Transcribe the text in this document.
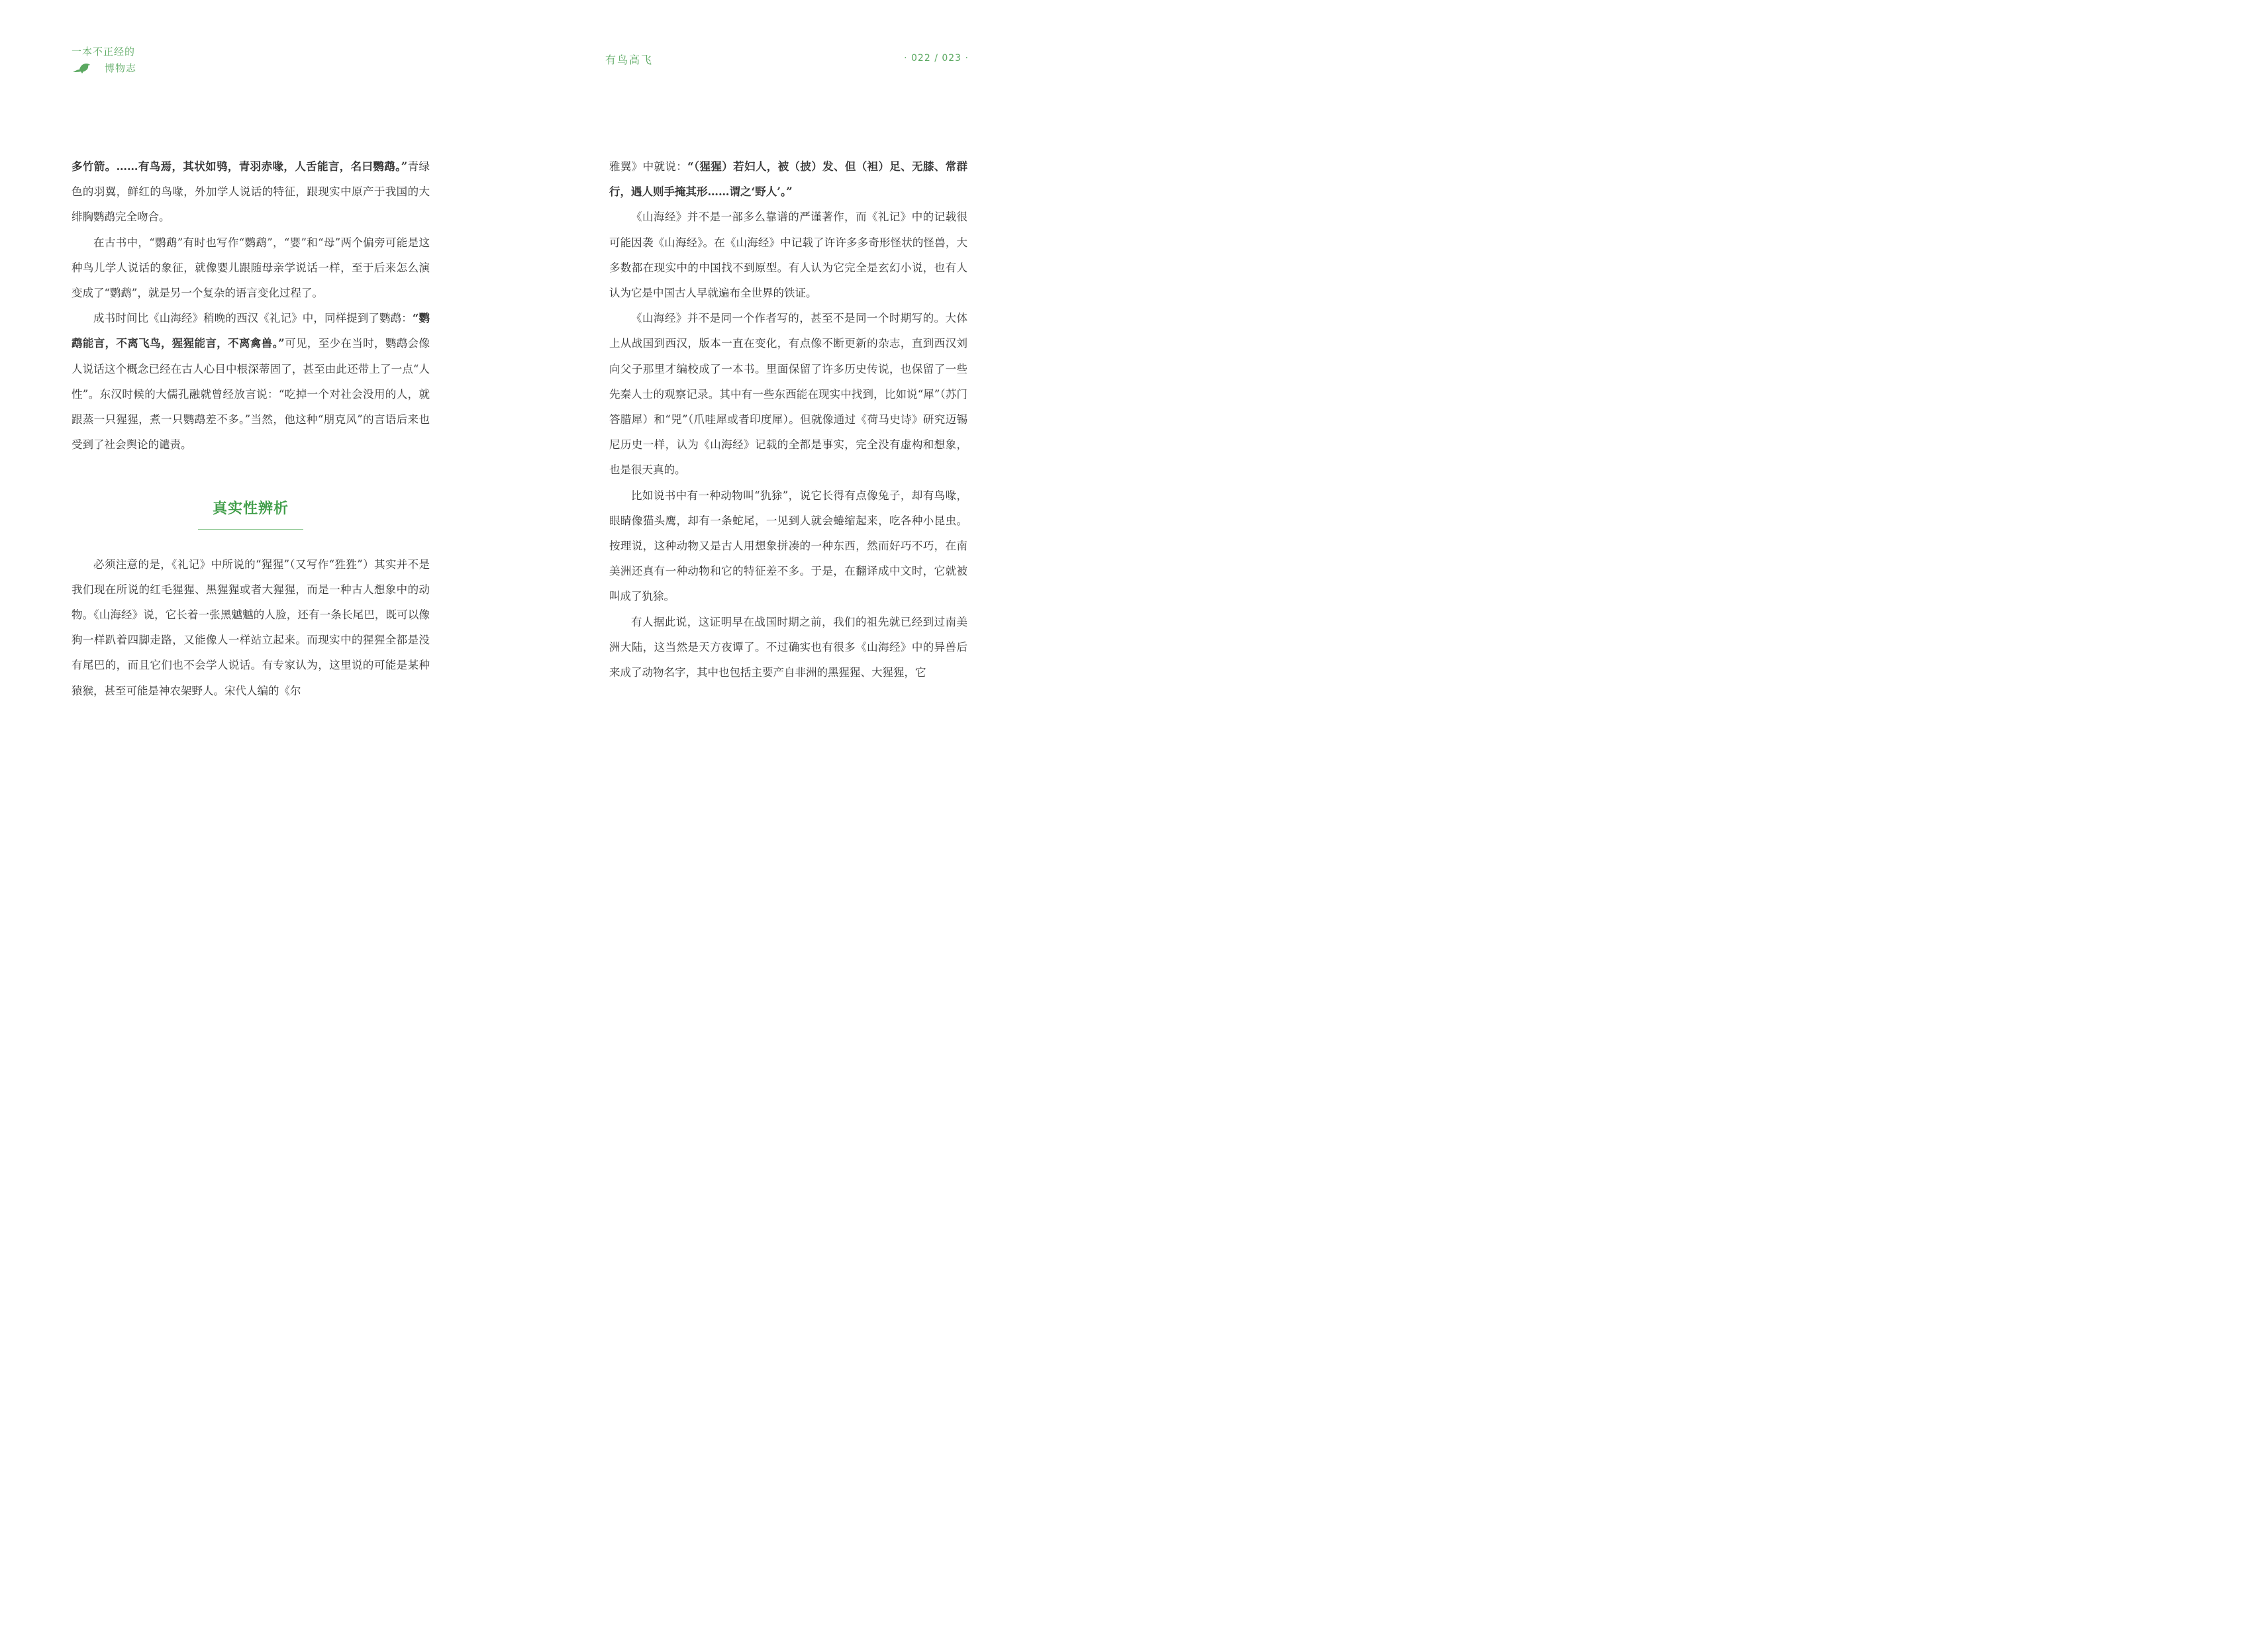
一本不正经的
博物志
有鸟高飞	· 022 / 023 ·

多竹箭。……有鸟焉，其状如鸮，青羽赤喙，人舌能言，名曰鹦鹉。”青绿色的羽翼，鲜红的鸟喙，外加学人说话的特征，跟现实中原产于我国的大绯胸鹦鹉完全吻合。

在古书中，“鹦鹉”有时也写作“鹦鹉”，“婴”和“母”两个偏旁可能是这种鸟儿学人说话的象征，就像婴儿跟随母亲学说话一样，至于后来怎么演变成了“鹦鹉”，就是另一个复杂的语言变化过程了。

成书时间比《山海经》稍晚的西汉《礼记》中，同样提到了鹦鹉：“鹦鹉能言，不离飞鸟，猩猩能言，不离禽兽。”可见，至少在当时，鹦鹉会像人说话这个概念已经在古人心目中根深蒂固了，甚至由此还带上了一点“人性”。东汉时候的大儒孔融就曾经放言说：“吃掉一个对社会没用的人，就跟蒸一只猩猩，煮一只鹦鹉差不多。”当然，他这种“朋克风”的言语后来也受到了社会舆论的谴责。

真实性辨析

必须注意的是，《礼记》中所说的“猩猩”（又写作“狌狌”）其实并不是我们现在所说的红毛猩猩、黑猩猩或者大猩猩，而是一种古人想象中的动物。《山海经》说，它长着一张黑魆魆的人脸，还有一条长尾巴，既可以像狗一样趴着四脚走路，又能像人一样站立起来。而现实中的猩猩全都是没有尾巴的，而且它们也不会学人说话。有专家认为，这里说的可能是某种猿猴，甚至可能是神农架野人。宋代人编的《尔

雅翼》中就说：“（猩猩）若妇人，被（披）发、但（袒）足、无膝、常群行，遇人则手掩其形……谓之‘野人’。”

《山海经》并不是一部多么靠谱的严谨著作，而《礼记》中的记载很可能因袭《山海经》。在《山海经》中记载了许许多多奇形怪状的怪兽，大多数都在现实中的中国找不到原型。有人认为它完全是玄幻小说，也有人认为它是中国古人早就遍布全世界的铁证。

《山海经》并不是同一个作者写的，甚至不是同一个时期写的。大体上从战国到西汉，版本一直在变化，有点像不断更新的杂志，直到西汉刘向父子那里才编校成了一本书。里面保留了许多历史传说，也保留了一些先秦人士的观察记录。其中有一些东西能在现实中找到，比如说“犀”（苏门答腊犀）和“兕”（爪哇犀或者印度犀）。但就像通过《荷马史诗》研究迈锡尼历史一样，认为《山海经》记载的全都是事实，完全没有虚构和想象，也是很天真的。

比如说书中有一种动物叫“犰狳”，说它长得有点像兔子，却有鸟喙，眼睛像猫头鹰，却有一条蛇尾，一见到人就会蜷缩起来，吃各种小昆虫。按理说，这种动物又是古人用想象拼凑的一种东西，然而好巧不巧，在南美洲还真有一种动物和它的特征差不多。于是，在翻译成中文时，它就被叫成了犰狳。

有人据此说，这证明早在战国时期之前，我们的祖先就已经到过南美洲大陆，这当然是天方夜谭了。不过确实也有很多《山海经》中的异兽后来成了动物名字，其中也包括主要产自非洲的黑猩猩、大猩猩，它
